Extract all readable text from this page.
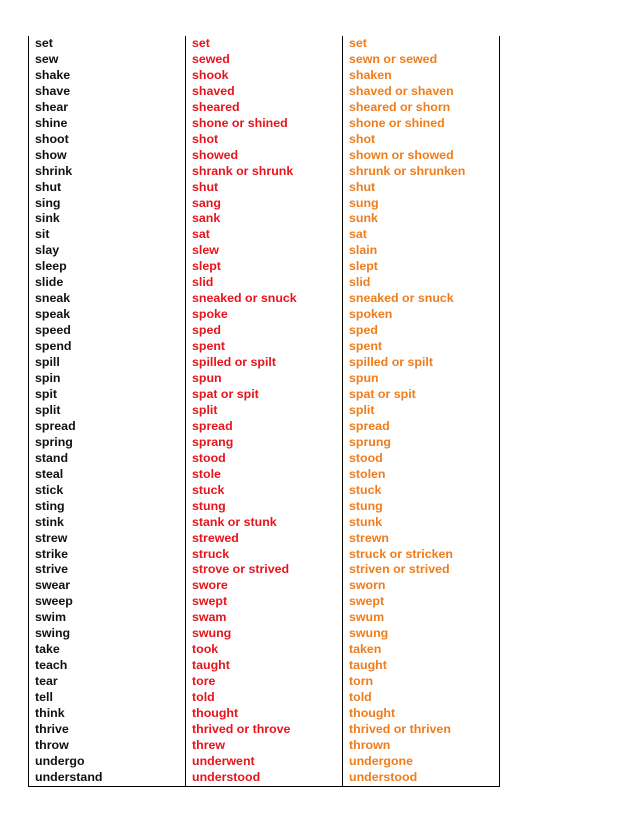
set	set	set
sew	sewed	sewn or sewed
shake	shook	shaken
shave	shaved	shaved or shaven
shear	sheared	sheared or shorn
shine	shone or shined	shone or shined
shoot	shot	shot
show	showed	shown or showed
shrink	shrank or shrunk	shrunk or shrunken
shut	shut	shut
sing	sang	sung
sink	sank	sunk
sit	sat	sat
slay	slew	slain
sleep	slept	slept
slide	slid	slid
sneak	sneaked or snuck	sneaked or snuck
speak	spoke	spoken
speed	sped	sped
spend	spent	spent
spill	spilled or spilt	spilled or spilt
spin	spun	spun
spit	spat or spit	spat or spit
split	split	split
spread	spread	spread
spring	sprang	sprung
stand	stood	stood
steal	stole	stolen
stick	stuck	stuck
sting	stung	stung
stink	stank or stunk	stunk
strew	strewed	strewn
strike	struck	struck or stricken
strive	strove or strived	striven or strived
swear	swore	sworn
sweep	swept	swept
swim	swam	swum
swing	swung	swung
take	took	taken
teach	taught	taught
tear	tore	torn
tell	told	told
think	thought	thought
thrive	thrived or throve	thrived or thriven
throw	threw	thrown
undergo	underwent	undergone
understand	understood	understood
